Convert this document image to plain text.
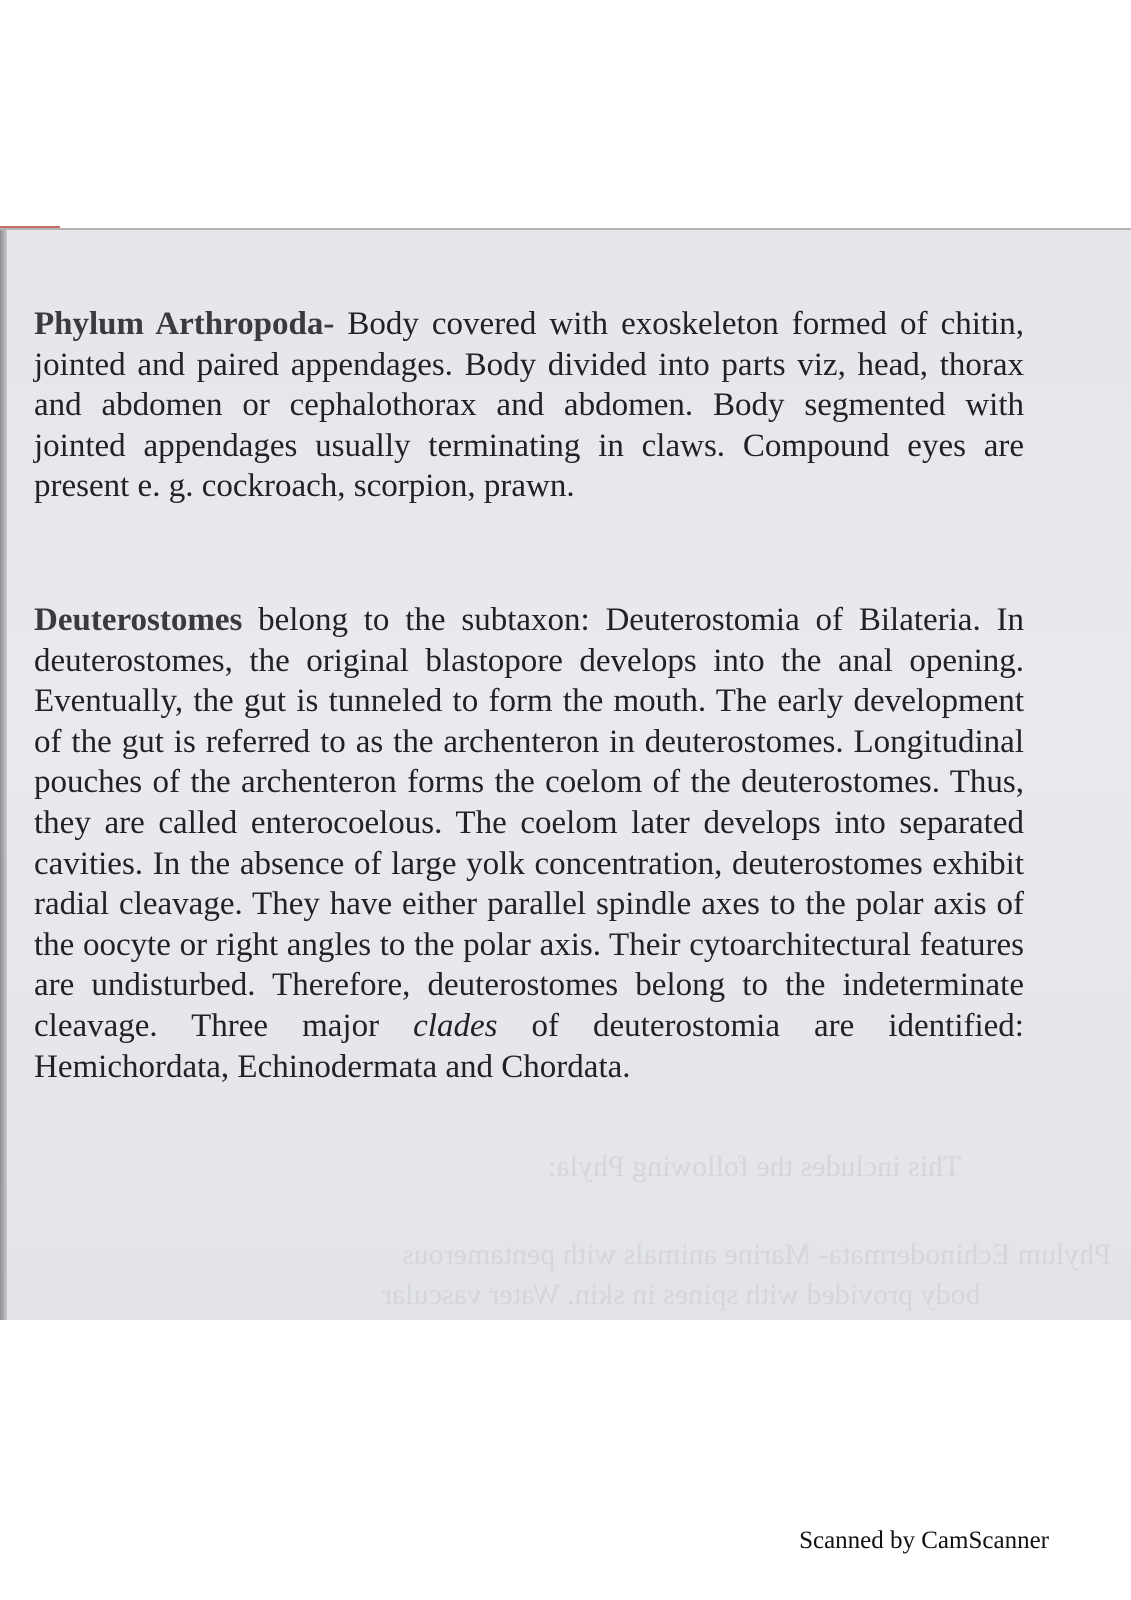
This includes the following Phyla:
Phylum Echinodermata- Marine animals with pentamerous
body provided with spines in skin. Water vascular
Phylum Arthropoda- Body covered with exoskeleton formed of chitin, jointed and paired appendages. Body divided into parts viz, head, thorax and abdomen or cephalothorax and abdomen. Body segmented with jointed appendages usually terminating in claws. Compound eyes are present e. g. cockroach, scorpion, prawn.
Deuterostomes belong to the subtaxon: Deuterostomia of Bilateria. In deuterostomes, the original blastopore develops into the anal opening. Eventually, the gut is tunneled to form the mouth. The early development of the gut is referred to as the archenteron in deuterostomes. Longitudinal pouches of the archenteron forms the coelom of the deuterostomes. Thus, they are called enterocoelous. The coelom later develops into separated cavities. In the absence of large yolk concentration, deuterostomes exhibit radial cleavage. They have either parallel spindle axes to the polar axis of the oocyte or right angles to the polar axis. Their cytoarchitectural features are undisturbed. Therefore, deuterostomes belong to the indeterminate cleavage. Three major clades of deuterostomia are identified: Hemichordata, Echinodermata and Chordata.
Scanned by CamScanner
